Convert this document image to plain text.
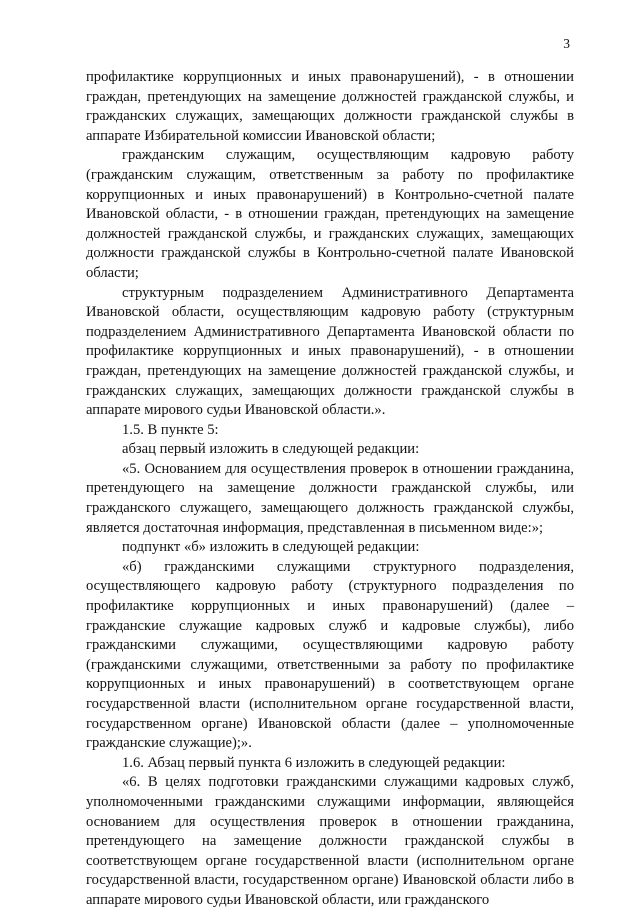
3

профилактике коррупционных и иных правонарушений), - в отношении граждан, претендующих на замещение должностей гражданской службы, и гражданских служащих, замещающих должности гражданской службы в аппарате Избирательной комиссии Ивановской области;

гражданским служащим, осуществляющим кадровую работу (гражданским служащим, ответственным за работу по профилактике коррупционных и иных правонарушений) в Контрольно-счетной палате Ивановской области, - в отношении граждан, претендующих на замещение должностей гражданской службы, и гражданских служащих, замещающих должности гражданской службы в Контрольно-счетной палате Ивановской области;

структурным подразделением Административного Департамента Ивановской области, осуществляющим кадровую работу (структурным подразделением Административного Департамента Ивановской области по профилактике коррупционных и иных правонарушений), - в отношении граждан, претендующих на замещение должностей гражданской службы, и гражданских служащих, замещающих должности гражданской службы в аппарате мирового судьи Ивановской области.».

1.5. В пункте 5:

абзац первый изложить в следующей редакции:

«5. Основанием для осуществления проверок в отношении гражданина, претендующего на замещение должности гражданской службы, или гражданского служащего, замещающего должность гражданской службы, является достаточная информация, представленная в письменном виде:»;

подпункт «б» изложить в следующей редакции:

«б) гражданскими служащими структурного подразделения, осуществляющего кадровую работу (структурного подразделения по профилактике коррупционных и иных правонарушений) (далее – гражданские служащие кадровых служб и кадровые службы), либо гражданскими служащими, осуществляющими кадровую работу (гражданскими служащими, ответственными за работу по профилактике коррупционных и иных правонарушений) в соответствующем органе государственной власти (исполнительном органе государственной власти, государственном органе) Ивановской области (далее – уполномоченные гражданские служащие);».

1.6. Абзац первый пункта 6 изложить в следующей редакции:

«6. В целях подготовки гражданскими служащими кадровых служб, уполномоченными гражданскими служащими информации, являющейся основанием для осуществления проверок в отношении гражданина, претендующего на замещение должности гражданской службы в соответствующем органе государственной власти (исполнительном органе государственной власти, государственном органе) Ивановской области либо в аппарате мирового судьи Ивановской области, или гражданского
